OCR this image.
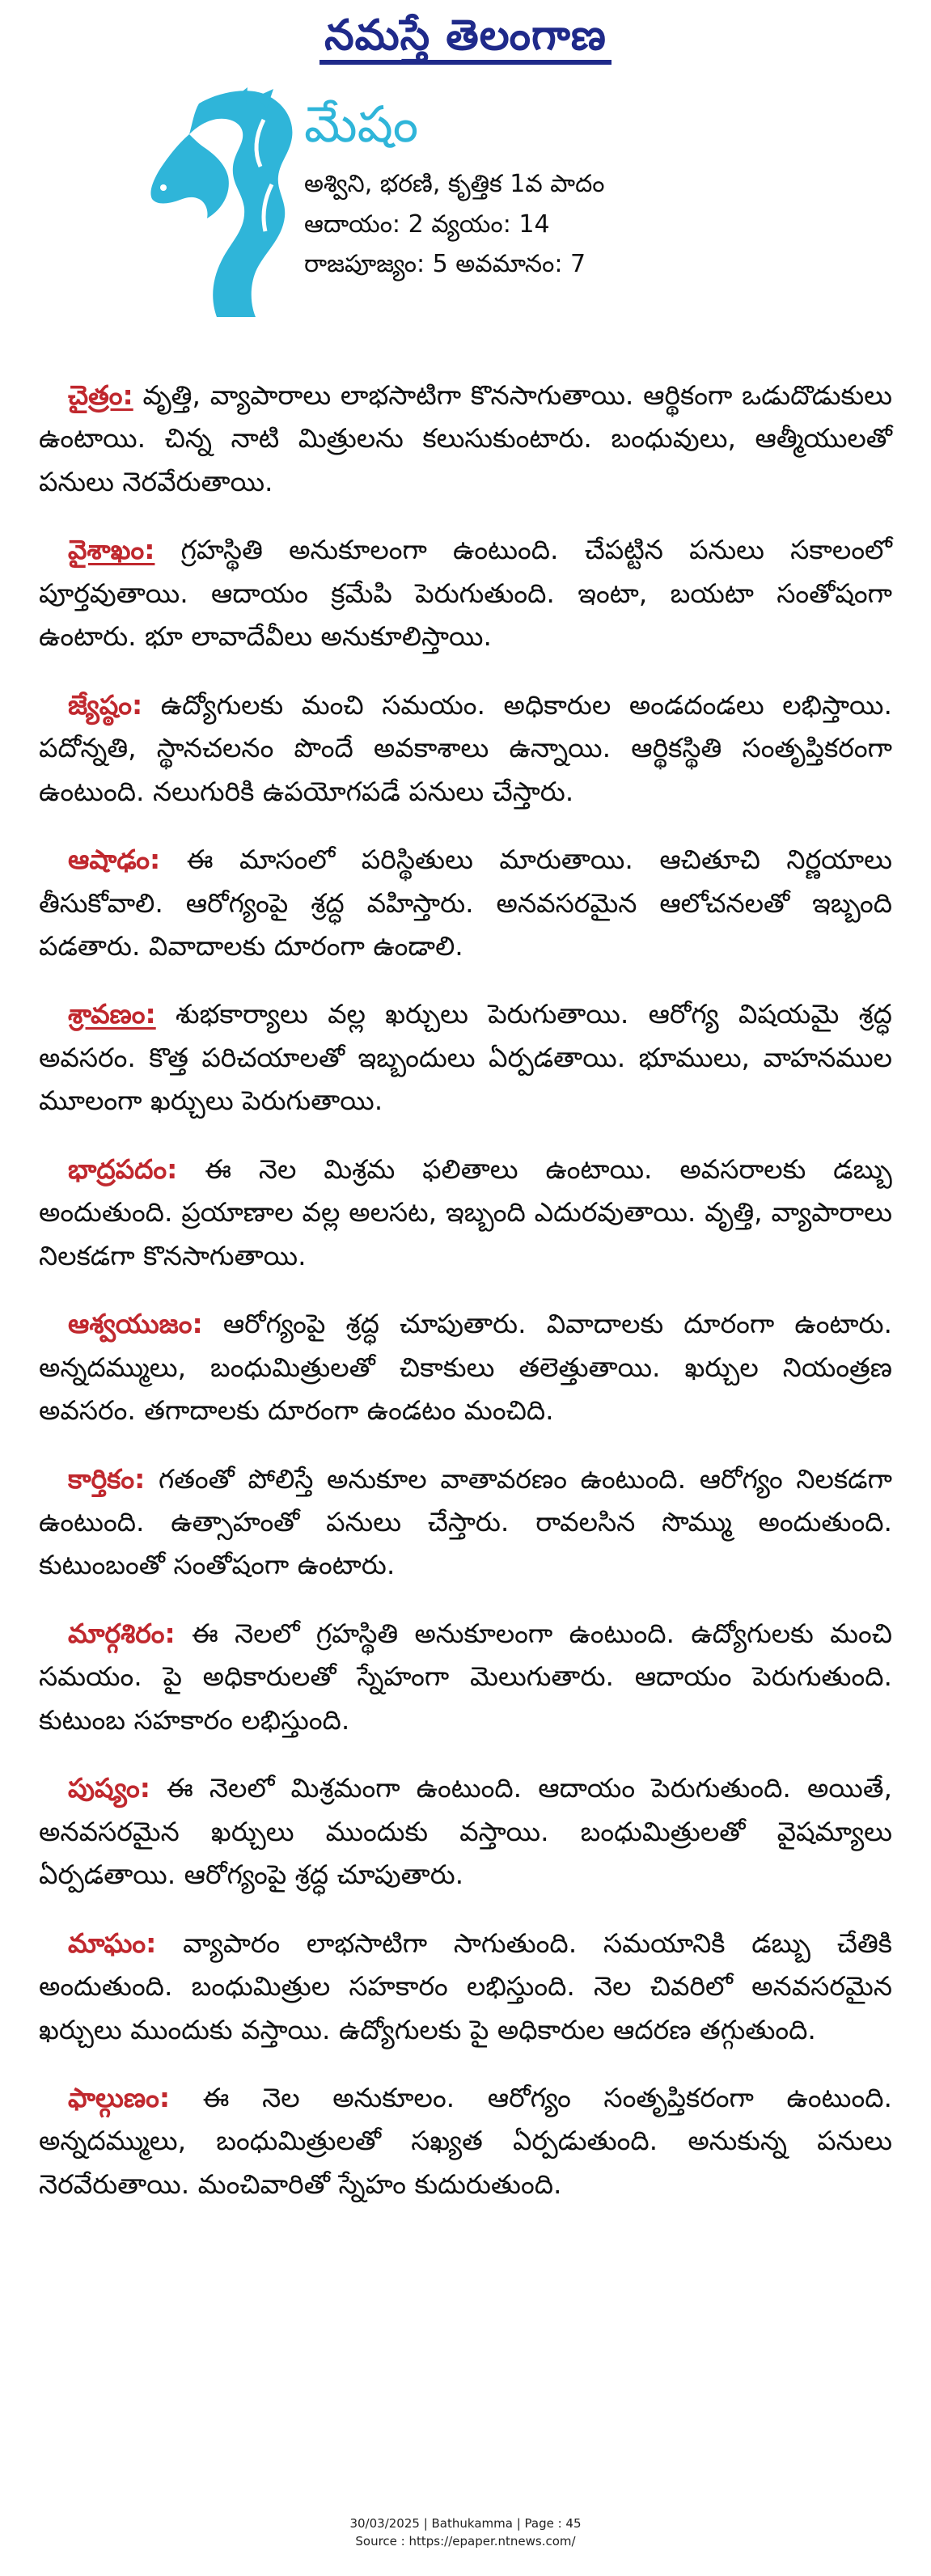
నమస్తే తెలంగాణ
మేషం
అశ్విని, భరణి, కృత్తిక 1వ పాదం
ఆదాయం: 2 వ్యయం: 14
రాజపూజ్యం: 5 అవమానం: 7

చైత్రం: వృత్తి, వ్యాపారాలు లాభసాటిగా కొనసాగుతాయి. ఆర్థికంగా ఒడుదొడుకులు ఉంటాయి. చిన్న నాటి మిత్రులను కలుసుకుంటారు. బంధువులు, ఆత్మీయులతో పనులు నెరవేరుతాయి.

వైశాఖం: గ్రహస్థితి అనుకూలంగా ఉంటుంది. చేపట్టిన పనులు సకాలంలో పూర్తవుతాయి. ఆదాయం క్రమేపి పెరుగుతుంది. ఇంటా, బయటా సంతోషంగా ఉంటారు. భూ లావాదేవీలు అనుకూలిస్తాయి.

జ్యేష్ఠం: ఉద్యోగులకు మంచి సమయం. అధికారుల అండదండలు లభిస్తాయి. పదోన్నతి, స్థానచలనం పొందే అవకాశాలు ఉన్నాయి. ఆర్థికస్థితి సంతృప్తికరంగా ఉంటుంది. నలుగురికి ఉపయోగపడే పనులు చేస్తారు.

ఆషాఢం: ఈ మాసంలో పరిస్థితులు మారుతాయి. ఆచితూచి నిర్ణయాలు తీసుకోవాలి. ఆరోగ్యంపై శ్రద్ధ వహిస్తారు. అనవసరమైన ఆలోచనలతో ఇబ్బంది పడతారు. వివాదాలకు దూరంగా ఉండాలి.

శ్రావణం: శుభకార్యాలు వల్ల ఖర్చులు పెరుగుతాయి. ఆరోగ్య విషయమై శ్రద్ధ అవసరం. కొత్త పరిచయాలతో ఇబ్బందులు ఏర్పడతాయి. భూములు, వాహనముల మూలంగా ఖర్చులు పెరుగుతాయి.

భాద్రపదం: ఈ నెల మిశ్రమ ఫలితాలు ఉంటాయి. అవసరాలకు డబ్బు అందుతుంది. ప్రయాణాల వల్ల అలసట, ఇబ్బంది ఎదురవుతాయి. వృత్తి, వ్యాపారాలు నిలకడగా కొనసాగుతాయి.

ఆశ్వయుజం: ఆరోగ్యంపై శ్రద్ధ చూపుతారు. వివాదాలకు దూరంగా ఉంటారు. అన్నదమ్ములు, బంధుమిత్రులతో చికాకులు తలెత్తుతాయి. ఖర్చుల నియంత్రణ అవసరం. తగాదాలకు దూరంగా ఉండటం మంచిది.

కార్తికం: గతంతో పోలిస్తే అనుకూల వాతావరణం ఉంటుంది. ఆరోగ్యం నిలకడగా ఉంటుంది. ఉత్సాహంతో పనులు చేస్తారు. రావలసిన సొమ్ము అందుతుంది. కుటుంబంతో సంతోషంగా ఉంటారు.

మార్గశిరం: ఈ నెలలో గ్రహస్థితి అనుకూలంగా ఉంటుంది. ఉద్యోగులకు మంచి సమయం. పై అధికారులతో స్నేహంగా మెలుగుతారు. ఆదాయం పెరుగుతుంది. కుటుంబ సహకారం లభిస్తుంది.

పుష్యం: ఈ నెలలో మిశ్రమంగా ఉంటుంది. ఆదాయం పెరుగుతుంది. అయితే, అనవసరమైన ఖర్చులు ముందుకు వస్తాయి. బంధుమిత్రులతో వైషమ్యాలు ఏర్పడతాయి. ఆరోగ్యంపై శ్రద్ధ చూపుతారు.

మాఘం: వ్యాపారం లాభసాటిగా సాగుతుంది. సమయానికి డబ్బు చేతికి అందుతుంది. బంధుమిత్రుల సహకారం లభిస్తుంది. నెల చివరిలో అనవసరమైన ఖర్చులు ముందుకు వస్తాయి. ఉద్యోగులకు పై అధికారుల ఆదరణ తగ్గుతుంది.

ఫాల్గుణం: ఈ నెల అనుకూలం. ఆరోగ్యం సంతృప్తికరంగా ఉంటుంది. అన్నదమ్ములు, బంధుమిత్రులతో సఖ్యత ఏర్పడుతుంది. అనుకున్న పనులు నెరవేరుతాయి. మంచివారితో స్నేహం కుదురుతుంది.

30/03/2025 | Bathukamma | Page : 45
Source : https://epaper.ntnews.com/
